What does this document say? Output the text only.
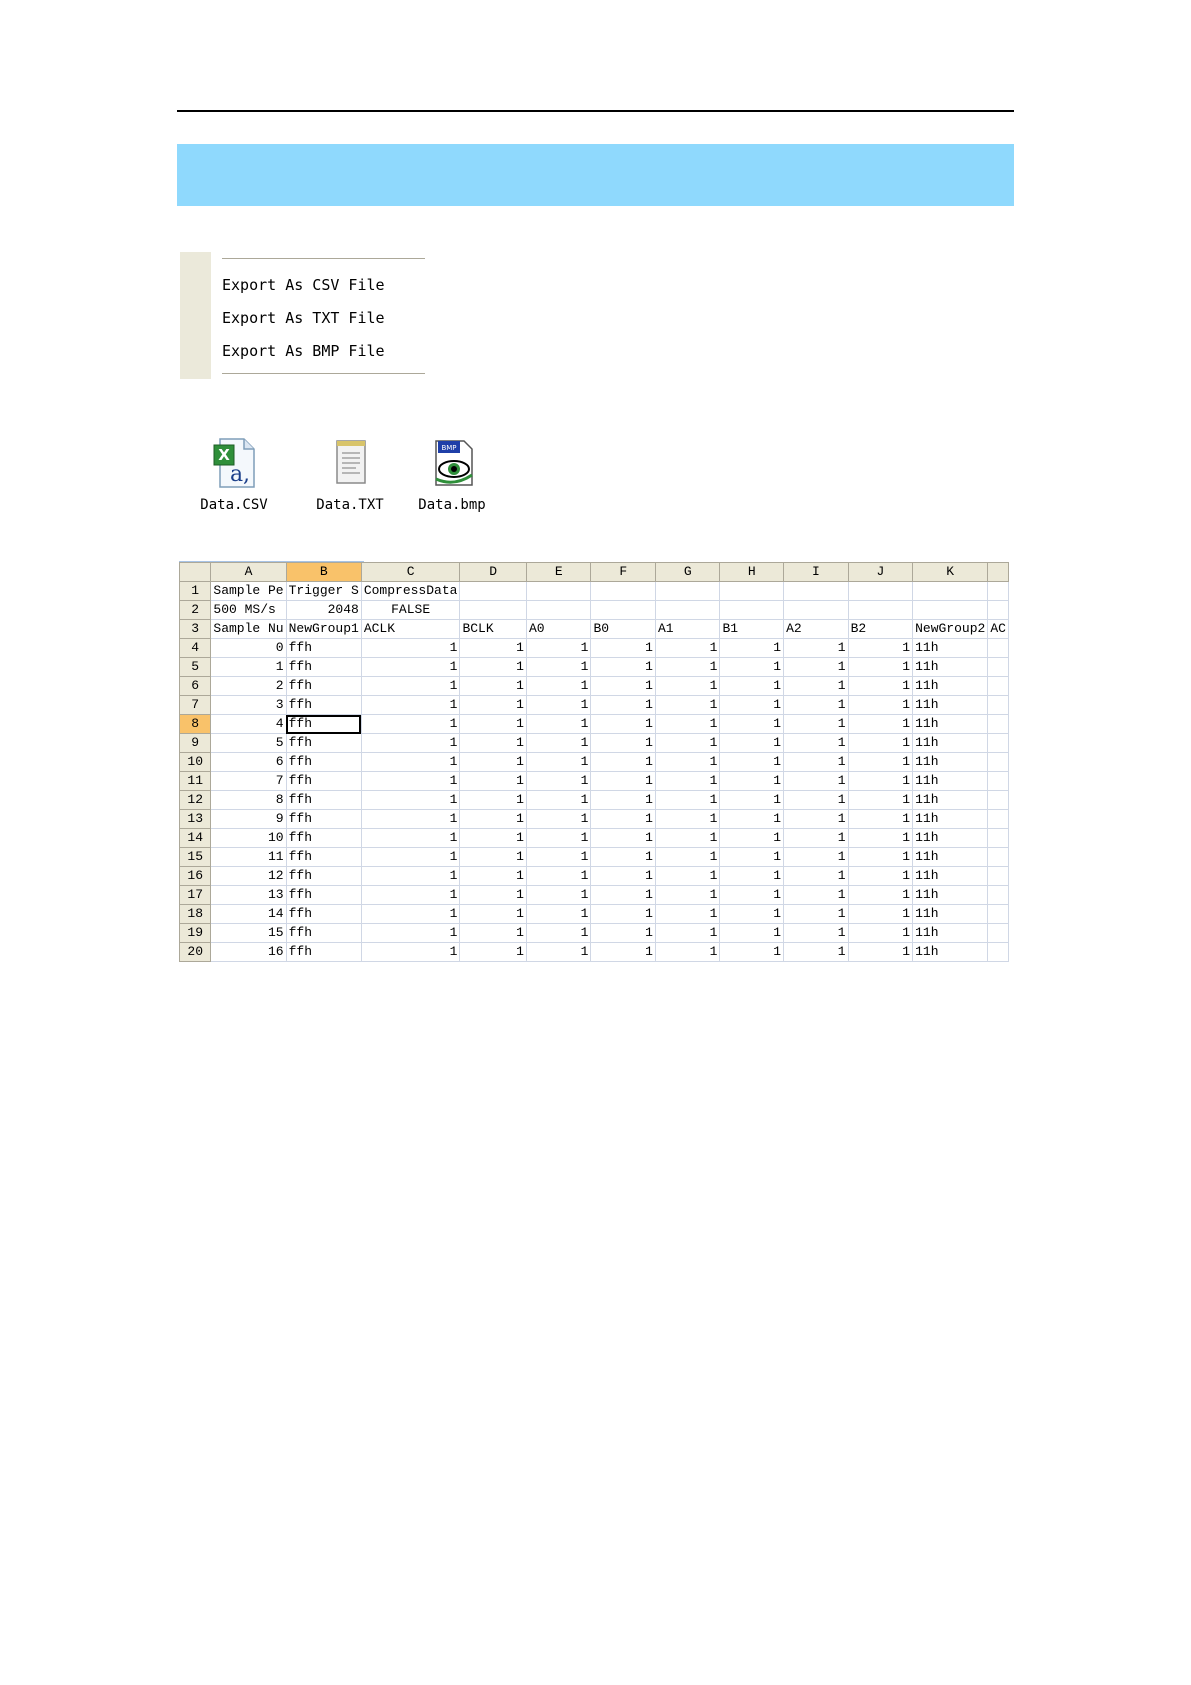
Export As CSV File
Export As TXT File
Export As BMP File
X
a,
Data.CSV	Data.TXT
BMP
Data.bmp
	A	B	C	D	E	F	G	H	I	J	K	
1	Sample Pe	Trigger S	CompressData									
2	500 MS/s	2048	FALSE									
3	Sample Nu	NewGroup1	ACLK	BCLK	A0	B0	A1	B1	A2	B2	NewGroup2	AC
4	0	ffh	1	1	1	1	1	1	1	1	11h	
5	1	ffh	1	1	1	1	1	1	1	1	11h	
6	2	ffh	1	1	1	1	1	1	1	1	11h	
7	3	ffh	1	1	1	1	1	1	1	1	11h	
8	4	ffh	1	1	1	1	1	1	1	1	11h	
9	5	ffh	1	1	1	1	1	1	1	1	11h	
10	6	ffh	1	1	1	1	1	1	1	1	11h	
11	7	ffh	1	1	1	1	1	1	1	1	11h	
12	8	ffh	1	1	1	1	1	1	1	1	11h	
13	9	ffh	1	1	1	1	1	1	1	1	11h	
14	10	ffh	1	1	1	1	1	1	1	1	11h	
15	11	ffh	1	1	1	1	1	1	1	1	11h	
16	12	ffh	1	1	1	1	1	1	1	1	11h	
17	13	ffh	1	1	1	1	1	1	1	1	11h	
18	14	ffh	1	1	1	1	1	1	1	1	11h	
19	15	ffh	1	1	1	1	1	1	1	1	11h	
20	16	ffh	1	1	1	1	1	1	1	1	11h	
